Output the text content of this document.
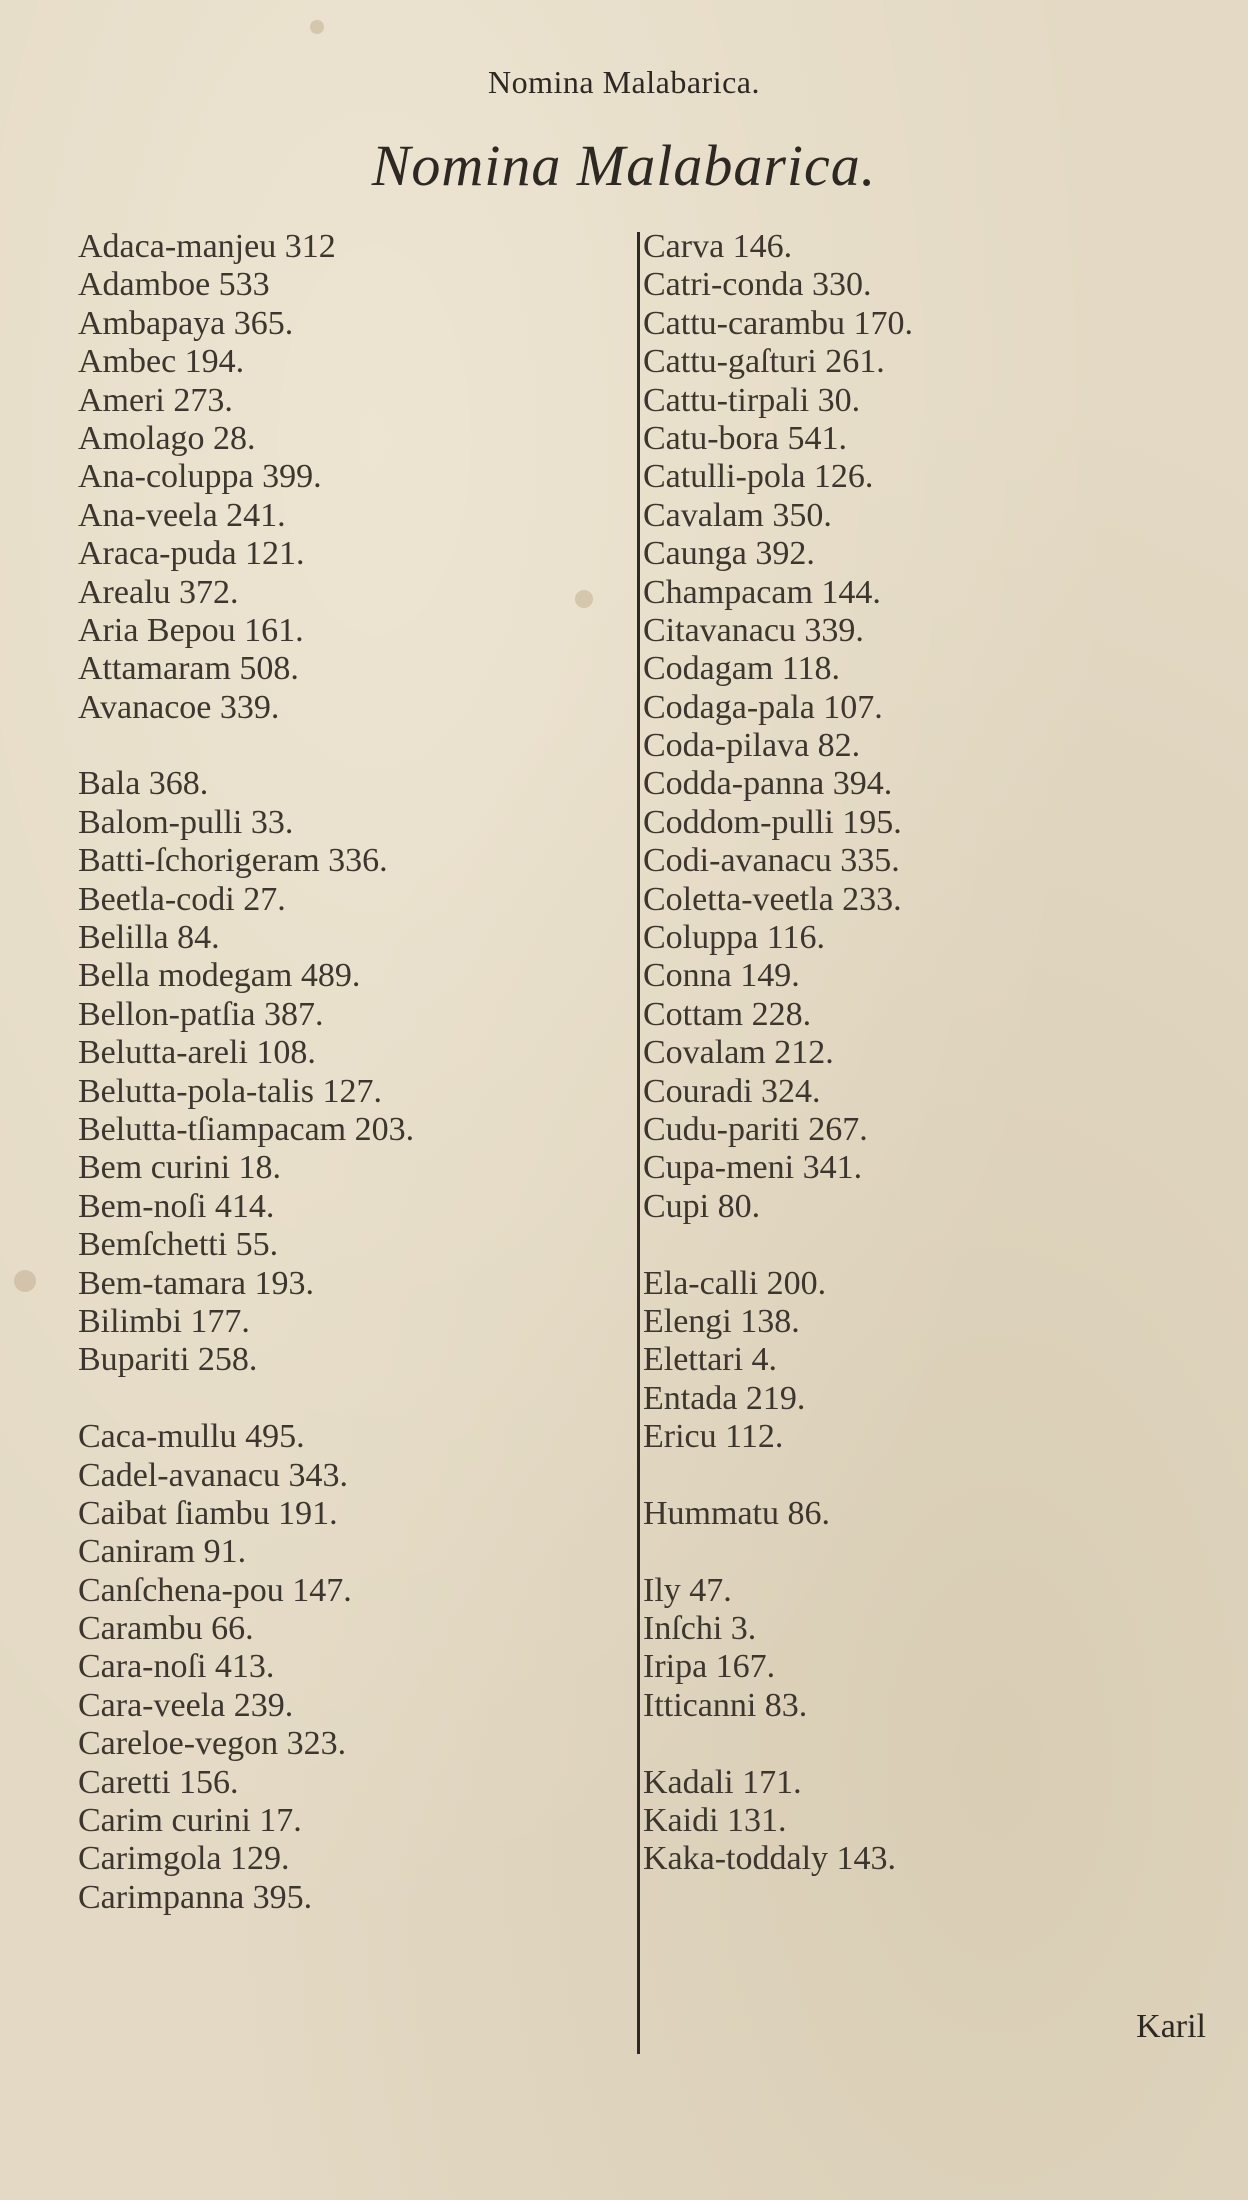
Nomina Malabarica.
Nomina Malabarica.
Adaca-manjeu 312
Adamboe 533
Ambapaya 365.
Ambec 194.
Ameri 273.
Amolago 28.
Ana-coluppa 399.
Ana-veela 241.
Araca-puda 121.
Arealu 372.
Aria Bepou 161.
Attamaram 508.
Avanacoe 339.
Bala 368.
Balom-pulli 33.
Batti-ſchorigeram 336.
Beetla-codi 27.
Belilla 84.
Bella modegam 489.
Bellon-patſia 387.
Belutta-areli 108.
Belutta-pola-talis 127.
Belutta-tſiampacam 203.
Bem curini 18.
Bem-noſi 414.
Bemſchetti 55.
Bem-tamara 193.
Bilimbi 177.
Bupariti 258.
Caca-mullu 495.
Cadel-avanacu 343.
Caibat ſiambu 191.
Caniram 91.
Canſchena-pou 147.
Carambu 66.
Cara-noſi 413.
Cara-veela 239.
Careloe-vegon 323.
Caretti 156.
Carim curini 17.
Carimgola 129.
Carimpanna 395.
Carva 146.
Catri-conda 330.
Cattu-carambu 170.
Cattu-gaſturi 261.
Cattu-tirpali 30.
Catu-bora 541.
Catulli-pola 126.
Cavalam 350.
Caunga 392.
Champacam 144.
Citavanacu 339.
Codagam 118.
Codaga-pala 107.
Coda-pilava 82.
Codda-panna 394.
Coddom-pulli 195.
Codi-avanacu 335.
Coletta-veetla 233.
Coluppa 116.
Conna 149.
Cottam 228.
Covalam 212.
Couradi 324.
Cudu-pariti 267.
Cupa-meni 341.
Cupi 80.
Ela-calli 200.
Elengi 138.
Elettari 4.
Entada 219.
Ericu 112.
Hummatu 86.
Ily 47.
Inſchi 3.
Iripa 167.
Itticanni 83.
Kadali 171.
Kaidi 131.
Kaka-toddaly 143.
Karil
